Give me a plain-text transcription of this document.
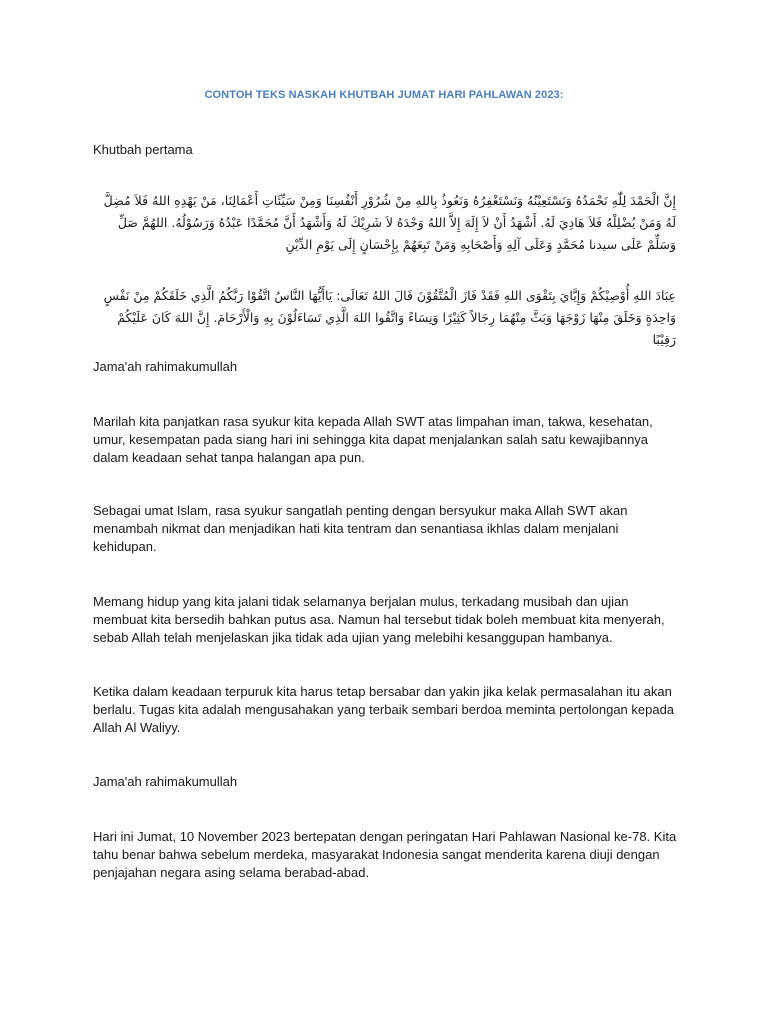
CONTOH TEKS NASKAH KHUTBAH JUMAT HARI PAHLAWAN 2023:
Khutbah pertama
إِنَّ الْحَمْدَ لِلّٰهِ نَحْمَدُهُ وَنَسْتَعِيْنُهُ وَنَسْتَغْفِرُهُ وَنَعُوذُ بِاللهِ مِنْ شُرُوْرِ أَنْفُسِنَا وَمِنْ سَيِّئَاتِ أَعْمَالِنَا، مَنْ يَهْدِهِ اللهُ فَلاَ مُضِلَّ لَهُ وَمَنْ يُضْلِلْهُ فَلاَ هَادِيَ لَهُ. أَشْهَدُ أَنْ لاَ إِلَهَ إِلاَّ اللهُ وَحْدَهُ لاَ شَرِيْكَ لَهُ وَأَشْهَدُ أَنَّ مُحَمَّدًا عَبْدُهُ وَرَسُوْلُهُ. اللهُمَّ صَلِّ وَسَلِّمْ عَلَى سيدنا مُحَمَّدٍ وَعَلَى آلِهِ وَأَصْحَابِهِ وَمَنْ تَبِعَهُمْ بِإِحْسَانٍ إِلَى يَوْمِ الدِّيْنِ
عِبَادَ اللهِ أُوْصِيْكُمْ وَإِيَّايَ بِتَقْوَى اللهِ فَقَدْ فَازَ الْمُتَّقُوْنَ قَالَ اللهُ تَعَالَى: يَاأَيُّهَا النَّاسُ اتَّقُوْا رَبَّكُمُ الَّذِي خَلَقَكُمْ مِنْ نَفْسٍ وَاحِدَةٍ وَخَلَقَ مِنْهَا زَوْجَهَا وَبَثَّ مِنْهُمَا رِجَالاً كَثِيْرًا وَنِسَاءً وَاتَّقُوا اللهَ الَّذِي تَسَاءَلُوْنَ بِهِ وَالْأَرْحَامَ. إِنَّ اللهَ كَانَ عَلَيْكُمْ رَقِيْبًا
Jama'ah rahimakumullah
Marilah kita panjatkan rasa syukur kita kepada Allah SWT atas limpahan iman, takwa, kesehatan, umur, kesempatan pada siang hari ini sehingga kita dapat menjalankan salah satu kewajibannya dalam keadaan sehat tanpa halangan apa pun.
Sebagai umat Islam, rasa syukur sangatlah penting dengan bersyukur maka Allah SWT akan menambah nikmat dan menjadikan hati kita tentram dan senantiasa ikhlas dalam menjalani kehidupan.
Memang hidup yang kita jalani tidak selamanya berjalan mulus, terkadang musibah dan ujian membuat kita bersedih bahkan putus asa. Namun hal tersebut tidak boleh membuat kita menyerah, sebab Allah telah menjelaskan jika tidak ada ujian yang melebihi kesanggupan hambanya.
Ketika dalam keadaan terpuruk kita harus tetap bersabar dan yakin jika kelak permasalahan itu akan berlalu. Tugas kita adalah mengusahakan yang terbaik sembari berdoa meminta pertolongan kepada Allah Al Waliyy.
Jama'ah rahimakumullah
Hari ini Jumat, 10 November 2023 bertepatan dengan peringatan Hari Pahlawan Nasional ke-78. Kita tahu benar bahwa sebelum merdeka, masyarakat Indonesia sangat menderita karena diuji dengan penjajahan negara asing selama berabad-abad.
